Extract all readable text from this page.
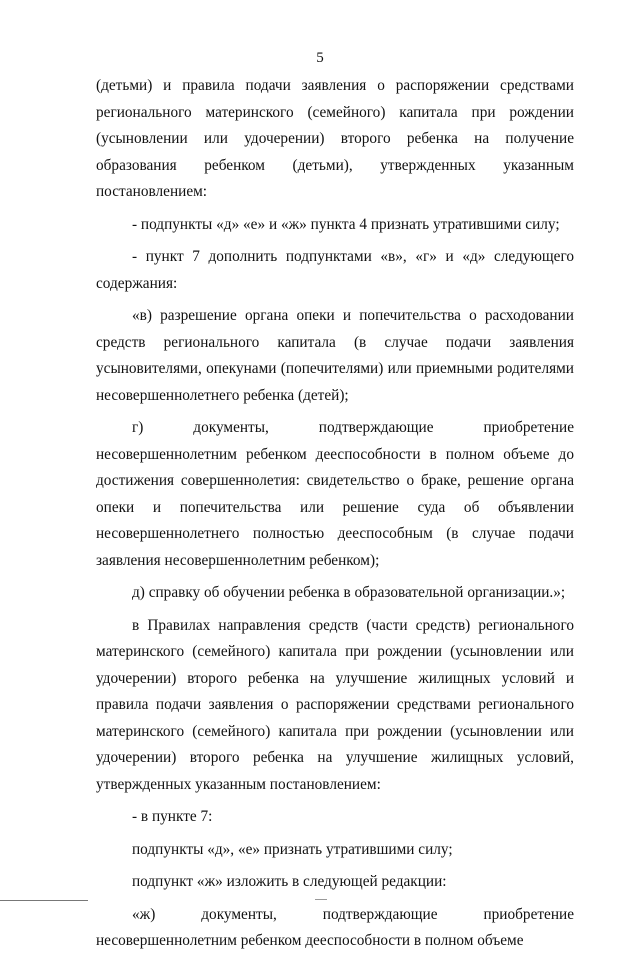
5

(детьми) и правила подачи заявления о распоряжении средствами регионального материнского (семейного) капитала при рождении (усыновлении или удочерении) второго ребенка на получение образования ребенком (детьми), утвержденных указанным постановлением:

- подпункты «д» «е» и «ж» пункта 4 признать утратившими силу;

- пункт 7 дополнить подпунктами «в», «г» и «д» следующего содержания:

«в) разрешение органа опеки и попечительства о расходовании средств регионального капитала (в случае подачи заявления усыновителями, опекунами (попечителями) или приемными родителями несовершеннолетнего ребенка (детей);

г) документы, подтверждающие приобретение несовершеннолетним ребенком дееспособности в полном объеме до достижения совершеннолетия: свидетельство о браке, решение органа опеки и попечительства или решение суда об объявлении несовершеннолетнего полностью дееспособным (в случае подачи заявления несовершеннолетним ребенком);

д) справку об обучении ребенка в образовательной организации.»;

в Правилах направления средств (части средств) регионального материнского (семейного) капитала при рождении (усыновлении или удочерении) второго ребенка на улучшение жилищных условий и правила подачи заявления о распоряжении средствами регионального материнского (семейного) капитала при рождении (усыновлении или удочерении) второго ребенка на улучшение жилищных условий, утвержденных указанным постановлением:

- в пункте 7:

подпункты «д», «е» признать утратившими силу;

подпункт «ж» изложить в следующей редакции:

«ж) документы, подтверждающие приобретение несовершеннолетним ребенком дееспособности в полном объеме
